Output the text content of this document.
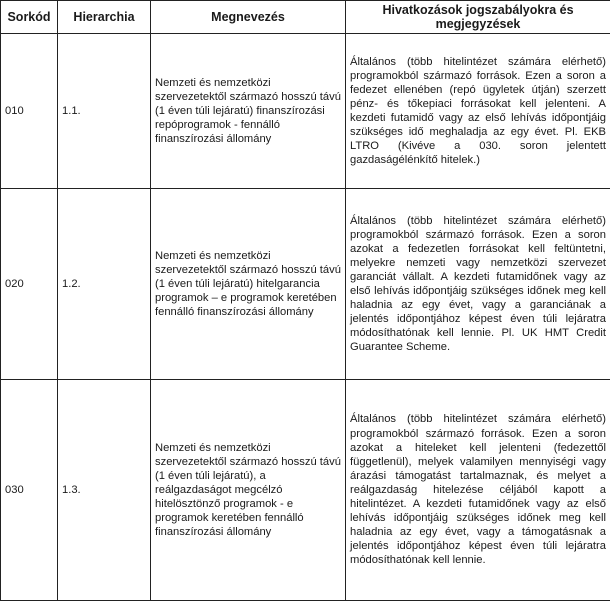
Sorkód	Hierarchia	Megnevezés	Hivatkozások jogszabályokra és megjegyzések
010	1.1.	Nemzeti és nemzetközi szervezetektől származó hosszú távú (1 éven túli lejáratú) finanszírozási repóprogramok - fennálló finanszírozási állomány	Általános (több hitelintézet számára elérhető) programokból származó források. Ezen a soron a fedezet ellenében (repó ügyletek útján) szerzett pénz- és tőkepiaci forrásokat kell jelenteni. A kezdeti futamidő vagy az első lehívás időpontjáig szükséges idő meghaladja az egy évet. Pl. EKB LTRO (Kivéve a 030. soron jelentett gazdaságélénkítő hitelek.)
020	1.2.	Nemzeti és nemzetközi szervezetektől származó hosszú távú (1 éven túli lejáratú) hitelgarancia programok – e programok keretében fennálló finanszírozási állomány	Általános (több hitelintézet számára elérhető) programokból származó források. Ezen a soron azokat a fedezetlen forrásokat kell feltüntetni, melyekre nemzeti vagy nemzetközi szervezet garanciát vállalt. A kezdeti futamidőnek vagy az első lehívás időpontjáig szükséges időnek meg kell haladnia az egy évet, vagy a garanciának a jelentés időpontjához képest éven túli lejáratra módosíthatónak kell lennie. Pl. UK HMT Credit Guarantee Scheme.
030	1.3.	Nemzeti és nemzetközi szervezetektől származó hosszú távú (1 éven túli lejáratú), a reálgazdaságot megcélzó hitelösztönző programok - e programok keretében fennálló finanszírozási állomány	Általános (több hitelintézet számára elérhető) programokból származó források. Ezen a soron azokat a hiteleket kell jelenteni (fedezettől függetlenül), melyek valamilyen mennyiségi vagy árazási támogatást tartalmaznak, és melyet a reálgazdaság hitelezése céljából kapott a hitelintézet. A kezdeti futamidőnek vagy az első lehívás időpontjáig szükséges időnek meg kell haladnia az egy évet, vagy a támogatásnak a jelentés időpontjához képest éven túli lejáratra módosíthatónak kell lennie.
